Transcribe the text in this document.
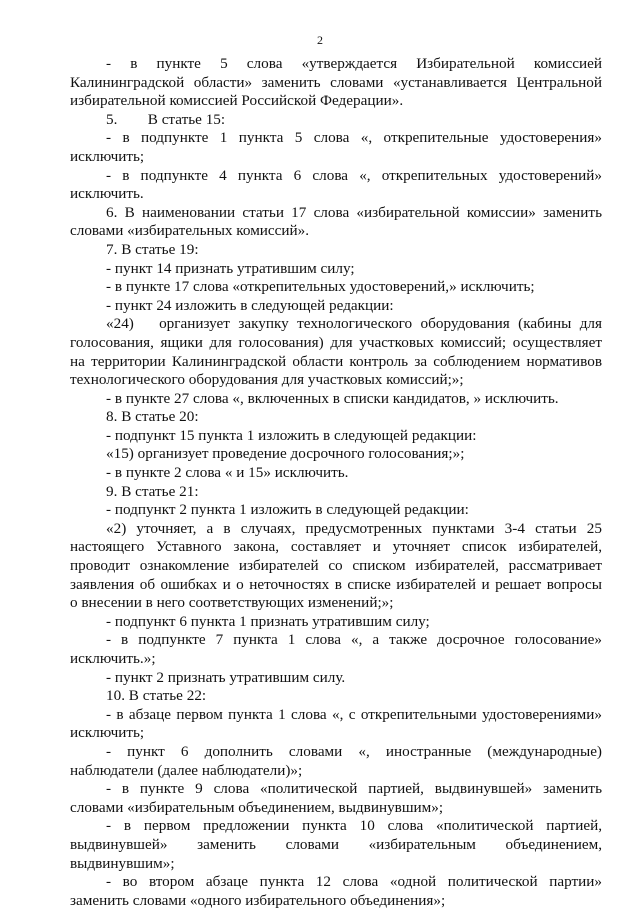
2

- в пункте 5 слова «утверждается Избирательной комиссией

Калининградской области» заменить словами «устанавливается Центральной

избирательной комиссией Российской Федерации».

5.        В статье 15:

- в подпункте 1 пункта 5 слова «, открепительные удостоверения»

исключить;

- в подпункте 4 пункта 6 слова «, открепительных удостоверений»

исключить.

6. В наименовании статьи 17 слова «избирательной комиссии» заменить

словами «избирательных комиссий».

7. В статье 19:

- пункт 14 признать утратившим силу;

- в пункте 17 слова «открепительных удостоверений,» исключить;

- пункт 24 изложить в следующей редакции:

«24)   организует закупку технологического оборудования (кабины для

голосования, ящики для голосования) для участковых комиссий; осуществляет

на территории Калининградской области контроль за соблюдением нормативов

технологического оборудования для участковых комиссий;»;

- в пункте 27 слова «, включенных в списки кандидатов, » исключить.

8. В статье 20:

- подпункт 15 пункта 1 изложить в следующей редакции:

«15) организует проведение досрочного голосования;»;

- в пункте 2 слова « и 15» исключить.

9. В статье 21:

- подпункт 2 пункта 1 изложить в следующей редакции:

«2) уточняет, а в случаях, предусмотренных пунктами 3-4 статьи 25

настоящего Уставного закона, составляет и уточняет список избирателей,

проводит ознакомление избирателей со списком избирателей, рассматривает

заявления об ошибках и о неточностях в списке избирателей и решает вопросы

о внесении в него соответствующих изменений;»;

- подпункт 6 пункта 1 признать утратившим силу;

- в подпункте 7 пункта 1 слова «, а также досрочное голосование»

исключить.»;

- пункт 2 признать утратившим силу.

10. В статье 22:

- в абзаце первом пункта 1 слова «, с открепительными удостоверениями»

исключить;

- пункт 6 дополнить словами «, иностранные (международные)

наблюдатели (далее наблюдатели)»;

- в пункте 9 слова «политической партией, выдвинувшей» заменить

словами «избирательным объединением, выдвинувшим»;

- в первом предложении пункта 10 слова «политической партией,

выдвинувшей» заменить словами «избирательным объединением,

выдвинувшим»;

- во втором абзаце пункта 12 слова «одной политической партии»

заменить словами «одного избирательного объединения»;
